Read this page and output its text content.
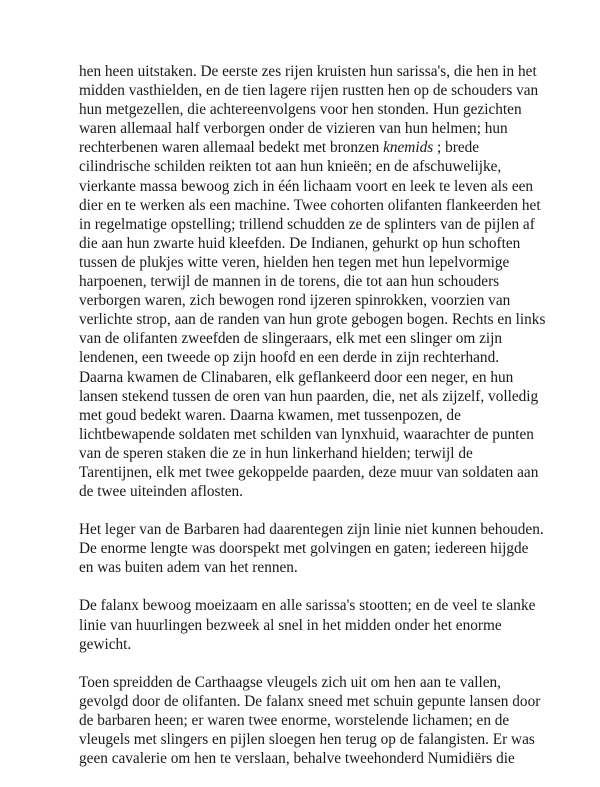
hen heen uitstaken. De eerste zes rijen kruisten hun sarissa's, die hen in het
midden vasthielden, en de tien lagere rijen rustten hen op de schouders van
hun metgezellen, die achtereenvolgens voor hen stonden. Hun gezichten
waren allemaal half verborgen onder de vizieren van hun helmen; hun
rechterbenen waren allemaal bedekt met bronzen knemids ; brede
cilindrische schilden reikten tot aan hun knieën; en de afschuwelijke,
vierkante massa bewoog zich in één lichaam voort en leek te leven als een
dier en te werken als een machine. Twee cohorten olifanten flankeerden het
in regelmatige opstelling; trillend schudden ze de splinters van de pijlen af
die aan hun zwarte huid kleefden. De Indianen, gehurkt op hun schoften
tussen de plukjes witte veren, hielden hen tegen met hun lepelvormige
harpoenen, terwijl de mannen in de torens, die tot aan hun schouders
verborgen waren, zich bewogen rond ijzeren spinrokken, voorzien van
verlichte strop, aan de randen van hun grote gebogen bogen. Rechts en links
van de olifanten zweefden de slingeraars, elk met een slinger om zijn
lendenen, een tweede op zijn hoofd en een derde in zijn rechterhand.
Daarna kwamen de Clinabaren, elk geflankeerd door een neger, en hun
lansen stekend tussen de oren van hun paarden, die, net als zijzelf, volledig
met goud bedekt waren. Daarna kwamen, met tussenpozen, de
lichtbewapende soldaten met schilden van lynxhuid, waarachter de punten
van de speren staken die ze in hun linkerhand hielden; terwijl de
Tarentijnen, elk met twee gekoppelde paarden, deze muur van soldaten aan
de twee uiteinden aflosten.

Het leger van de Barbaren had daarentegen zijn linie niet kunnen behouden.
De enorme lengte was doorspekt met golvingen en gaten; iedereen hijgde
en was buiten adem van het rennen.

De falanx bewoog moeizaam en alle sarissa's stootten; en de veel te slanke
linie van huurlingen bezweek al snel in het midden onder het enorme
gewicht.

Toen spreidden de Carthaagse vleugels zich uit om hen aan te vallen,
gevolgd door de olifanten. De falanx sneed met schuin gepunte lansen door
de barbaren heen; er waren twee enorme, worstelende lichamen; en de
vleugels met slingers en pijlen sloegen hen terug op de falangisten. Er was
geen cavalerie om hen te verslaan, behalve tweehonderd Numidiërs die
